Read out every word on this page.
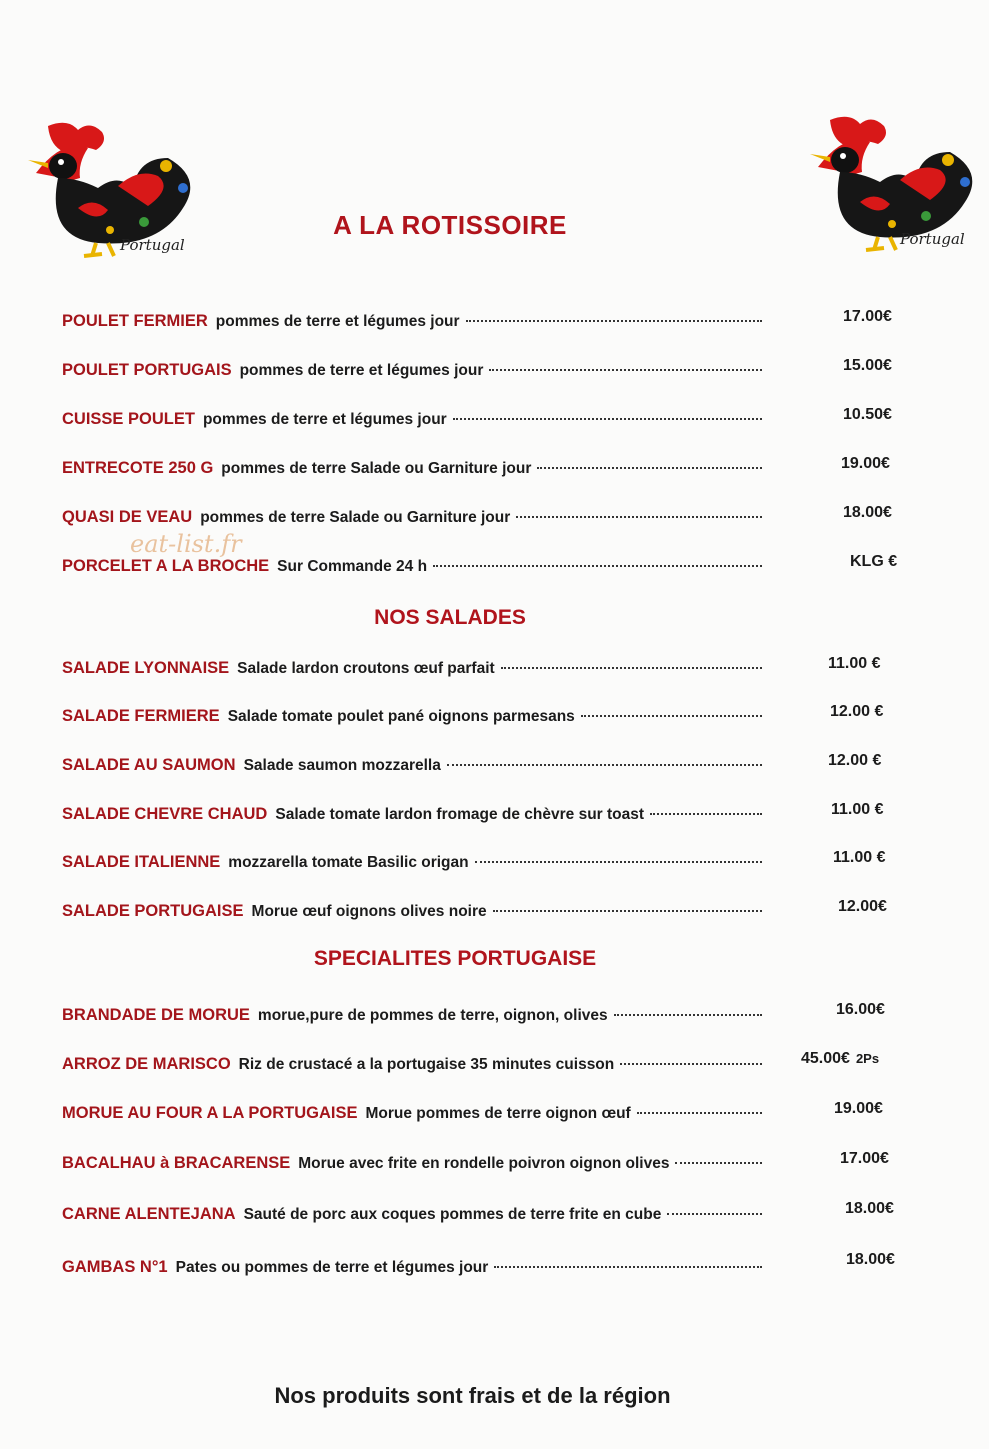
Portugal	Portugal
A LA ROTISSOIRE
POULET FERMIER pommes de terre et légumes jour	17.00€
POULET PORTUGAIS pommes de terre et légumes jour	15.00€
CUISSE POULET pommes de terre et légumes jour	10.50€
ENTRECOTE 250 G pommes de terre Salade ou Garniture jour	19.00€
QUASI DE VEAU pommes de terre Salade ou Garniture jour	18.00€
eat-list.fr
PORCELET A LA BROCHE Sur Commande 24 h	KLG €
NOS SALADES
SALADE LYONNAISE Salade lardon croutons œuf parfait	11.00 €
SALADE FERMIERE Salade tomate poulet pané oignons parmesans	12.00 €
SALADE AU SAUMON Salade saumon mozzarella	12.00 €
SALADE CHEVRE CHAUD Salade tomate lardon fromage de chèvre sur toast	11.00 €
SALADE ITALIENNE mozzarella tomate Basilic origan	11.00 €
SALADE PORTUGAISE Morue œuf oignons olives noire	12.00€
SPECIALITES PORTUGAISE
BRANDADE DE MORUE morue,pure de pommes de terre, oignon, olives	16.00€
ARROZ DE MARISCO Riz de crustacé a la portugaise 35 minutes cuisson	45.00€ 2Ps
MORUE AU FOUR A LA PORTUGAISE Morue pommes de terre oignon œuf	19.00€
BACALHAU à BRACARENSE Morue avec frite en rondelle poivron oignon olives	17.00€
CARNE ALENTEJANA Sauté de porc aux coques pommes de terre frite en cube	18.00€
GAMBAS N°1 Pates ou pommes de terre et légumes jour	18.00€

Nos produits sont frais et de la région
